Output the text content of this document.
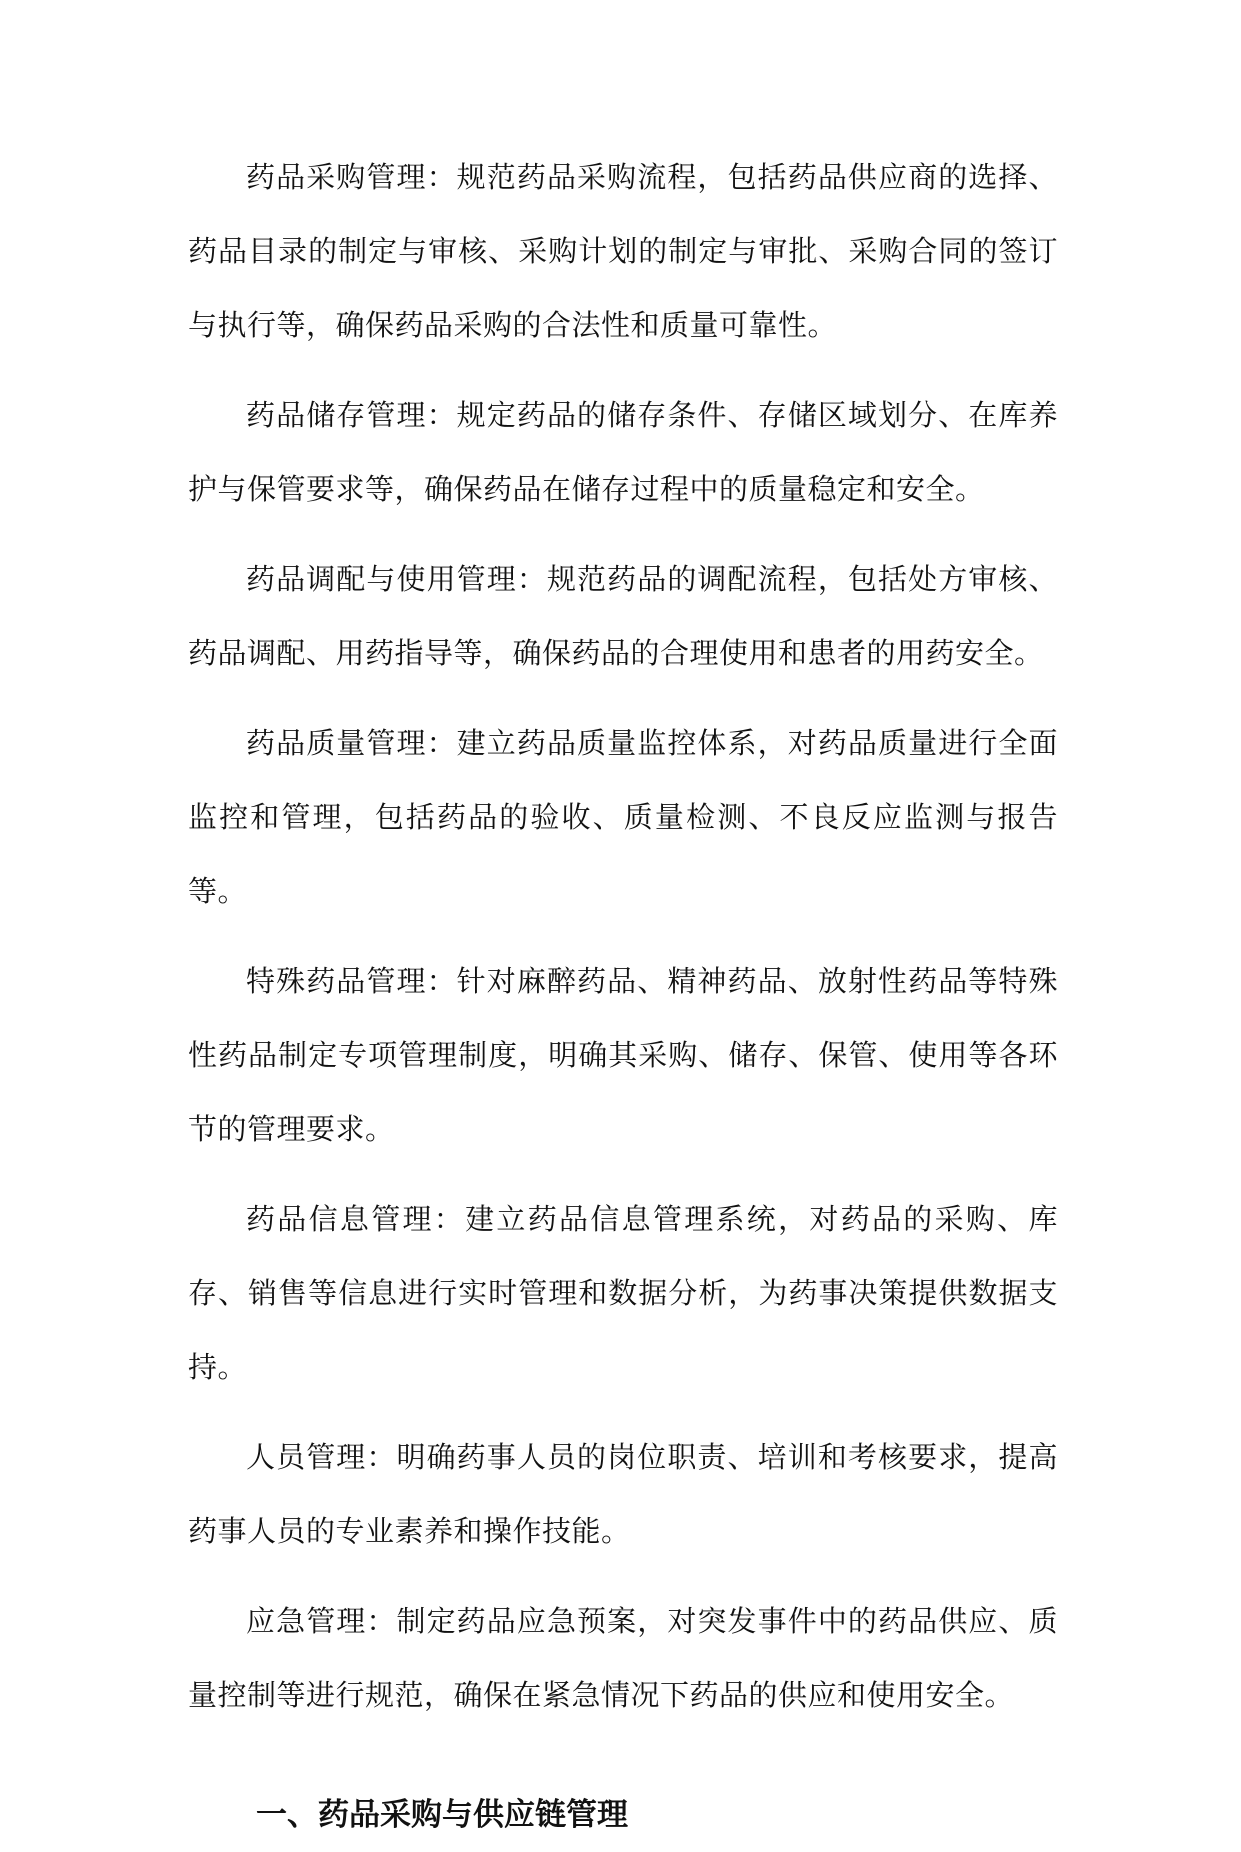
药品采购管理：规范药品采购流程，包括药品供应商的选择、药品目录的制定与审核、采购计划的制定与审批、采购合同的签订与执行等，确保药品采购的合法性和质量可靠性。

药品储存管理：规定药品的储存条件、存储区域划分、在库养护与保管要求等，确保药品在储存过程中的质量稳定和安全。

药品调配与使用管理：规范药品的调配流程，包括处方审核、药品调配、用药指导等，确保药品的合理使用和患者的用药安全。

药品质量管理：建立药品质量监控体系，对药品质量进行全面监控和管理，包括药品的验收、质量检测、不良反应监测与报告等。

特殊药品管理：针对麻醉药品、精神药品、放射性药品等特殊性药品制定专项管理制度，明确其采购、储存、保管、使用等各环节的管理要求。

药品信息管理：建立药品信息管理系统，对药品的采购、库存、销售等信息进行实时管理和数据分析，为药事决策提供数据支持。

人员管理：明确药事人员的岗位职责、培训和考核要求，提高药事人员的专业素养和操作技能。

应急管理：制定药品应急预案，对突发事件中的药品供应、质量控制等进行规范，确保在紧急情况下药品的供应和使用安全。

一、药品采购与供应链管理
